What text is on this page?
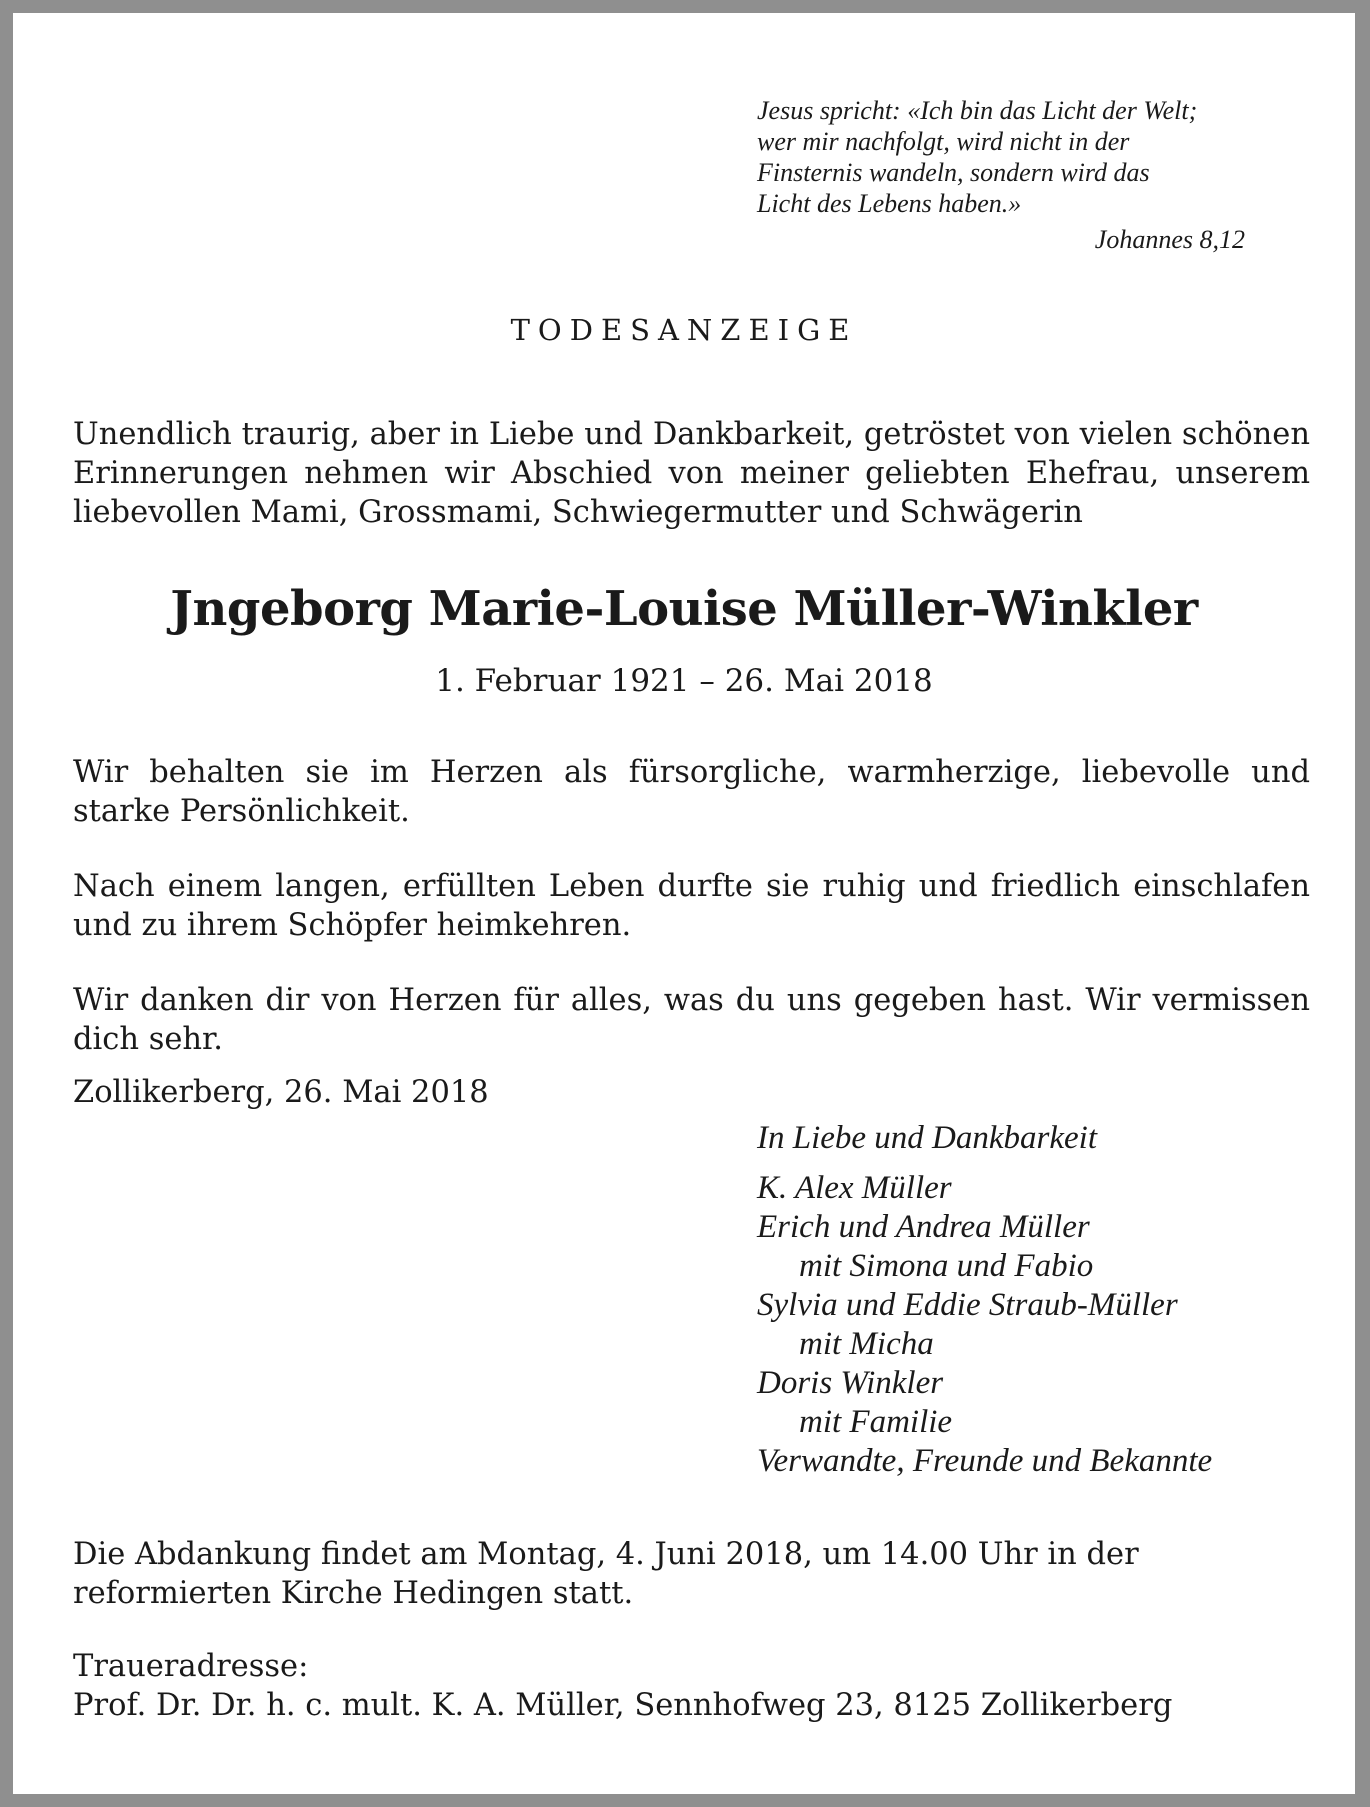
Jesus spricht: «Ich bin das Licht der Welt;
wer mir nachfolgt, wird nicht in der
Finsternis wandeln, sondern wird das
Licht des Lebens haben.»
Johannes 8,12
TODESANZEIGE
Unendlich traurig, aber in Liebe und Dankbarkeit, getröstet von vielen schönen Erinnerungen nehmen wir Abschied von meiner geliebten Ehefrau, unserem liebevollen Mami, Grossmami, Schwiegermutter und Schwägerin
Jngeborg Marie-Louise Müller-Winkler
1. Februar 1921 – 26. Mai 2018
Wir behalten sie im Herzen als fürsorgliche, warmherzige, liebevolle und starke Persönlichkeit.
Nach einem langen, erfüllten Leben durfte sie ruhig und friedlich einschlafen und zu ihrem Schöpfer heimkehren.
Wir danken dir von Herzen für alles, was du uns gegeben hast. Wir vermissen dich sehr.
Zollikerberg, 26. Mai 2018
In Liebe und Dankbarkeit
K. Alex Müller
Erich und Andrea Müller
mit Simona und Fabio
Sylvia und Eddie Straub-Müller
mit Micha
Doris Winkler
mit Familie
Verwandte, Freunde und Bekannte
Die Abdankung findet am Montag, 4. Juni 2018, um 14.00 Uhr in der reformierten Kirche Hedingen statt.
Traueradresse:
Prof. Dr. Dr. h. c. mult. K. A. Müller, Sennhofweg 23, 8125 Zollikerberg
